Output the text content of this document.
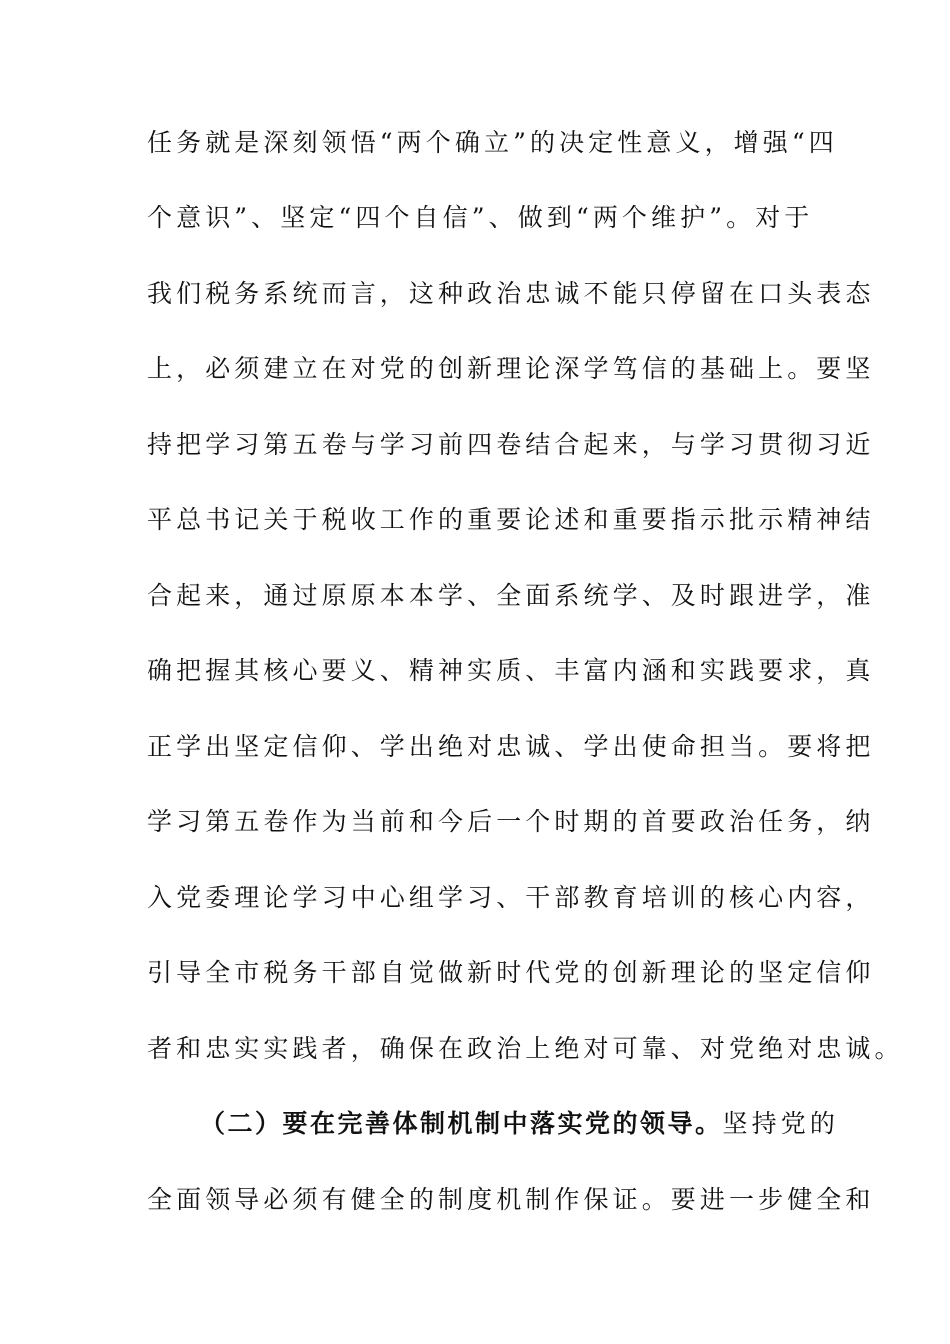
任务就是深刻领悟“两个确立”的决定性意义，增强“四
个意识”、坚定“四个自信”、做到“两个维护”。对于
我们税务系统而言，这种政治忠诚不能只停留在口头表态
上，必须建立在对党的创新理论深学笃信的基础上。要坚
持把学习第五卷与学习前四卷结合起来，与学习贯彻习近
平总书记关于税收工作的重要论述和重要指示批示精神结
合起来，通过原原本本学、全面系统学、及时跟进学，准
确把握其核心要义、精神实质、丰富内涵和实践要求，真
正学出坚定信仰、学出绝对忠诚、学出使命担当。要将把
学习第五卷作为当前和今后一个时期的首要政治任务，纳
入党委理论学习中心组学习、干部教育培训的核心内容，
引导全市税务干部自觉做新时代党的创新理论的坚定信仰
者和忠实实践者，确保在政治上绝对可靠、对党绝对忠诚。
（二）要在完善体制机制中落实党的领导。坚持党的
全面领导必须有健全的制度机制作保证。要进一步健全和
